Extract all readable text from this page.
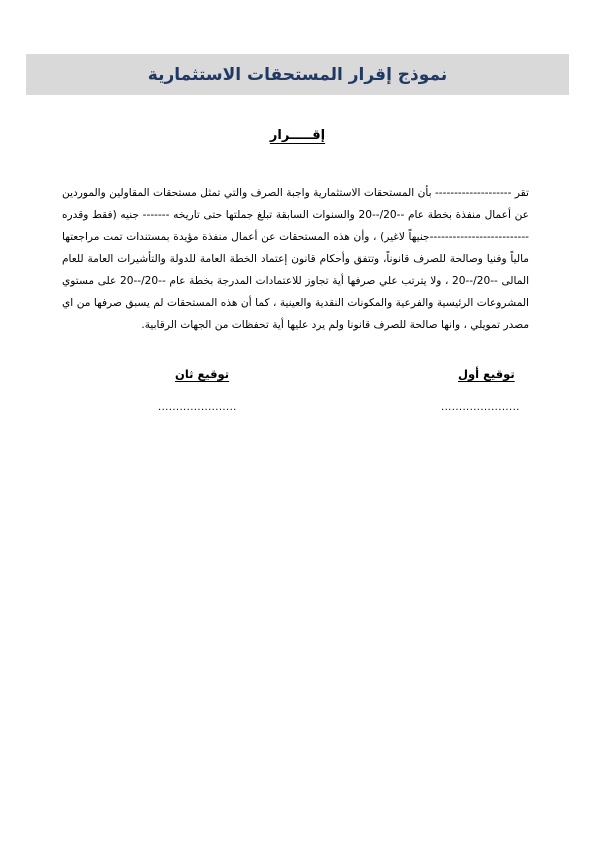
نموذج إقرار المستحقات الاستثمارية
إقـــــرار
تقر -------------------- بأن المستحقات الاستثمارية واجبة الصرف والتي تمثل مستحقات المقاولين والموردين عن أعمال منفذة بخطة عام --20/--20 والسنوات السابقة تبلغ جملتها حتى تاريخه ------- جنيه (فقط وقدره --------------------------جنيهاً لاغير) ، وأن هذه المستحقات عن أعمال منفذة مؤيدة بمستندات تمت مراجعتها مالياً وفنيا وصالحة للصرف قانوناً، وتتفق وأحكام قانون إعتماد الخطة العامة للدولة والتأشيرات العامة للعام المالى --20/--20 ، ولا يترتب علي صرفها أية تجاوز للاعتمادات المدرجة بخطة عام --20/--20 على مستوي المشروعات الرئيسية والفرعية والمكونات النقدية والعينية ، كما أن هذه المستحقات لم يسبق صرفها من اي مصدر تمويلي ، وانها صالحة للصرف قانونا ولم يرد عليها أية تحفظات من الجهات الرقابية.
توقيع أول
توقيع ثان
......................
......................
